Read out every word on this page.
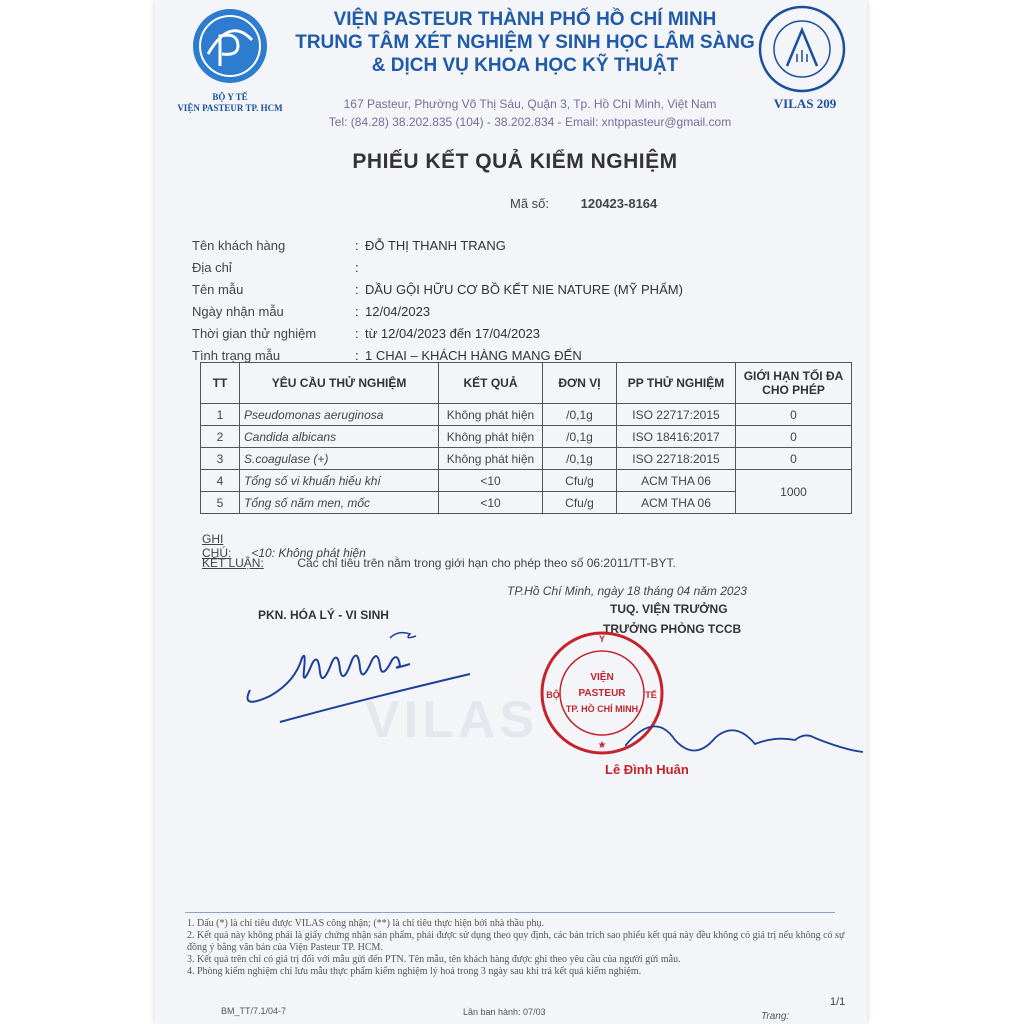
BỘ Y TẾ
VIỆN PASTEUR TP. HCM
VIỆN PASTEUR THÀNH PHỐ HỒ CHÍ MINH
TRUNG TÂM XÉT NGHIỆM Y SINH HỌC LÂM SÀNG
& DỊCH VỤ KHOA HỌC KỸ THUẬT
167 Pasteur, Phường Võ Thị Sáu, Quận 3, Tp. Hồ Chí Minh, Việt Nam
Tel: (84.28) 38.202.835 (104) - 38.202.834 - Email: xntppasteur@gmail.com
VILAS 209
PHIẾU KẾT QUẢ KIỂM NGHIỆM
Mã số: 120423-8164
Tên khách hàng	: ĐỖ THỊ THANH TRANG
Địa chỉ	:
Tên mẫu	: DẦU GỘI HỮU CƠ BỒ KẾT NIE NATURE (MỸ PHẨM)
Ngày nhận mẫu	: 12/04/2023
Thời gian thử nghiệm	: từ 12/04/2023 đến 17/04/2023
Tình trạng mẫu	: 1 CHAI – KHÁCH HÀNG MANG ĐẾN
TT	YÊU CẦU THỬ NGHIỆM	KẾT QUẢ	ĐƠN VỊ	PP THỬ NGHIỆM	GIỚI HẠN TỐI ĐA CHO PHÉP
1	Pseudomonas aeruginosa	Không phát hiện	/0,1g	ISO 22717:2015	0
2	Candida albicans	Không phát hiện	/0,1g	ISO 18416:2017	0
3	S.coagulase (+)	Không phát hiện	/0,1g	ISO 22718:2015	0
4	Tổng số vi khuẩn hiếu khí	<10	Cfu/g	ACM THA 06	1000
5	Tổng số nấm men, mốc	<10	Cfu/g	ACM THA 06	
GHI CHÚ: <10: Không phát hiện
KẾT LUẬN:	Các chỉ tiêu trên nằm trong giới hạn cho phép theo số 06:2011/TT-BYT.
VILAS
TP.Hồ Chí Minh, ngày 18 tháng 04 năm 2023
PKN. HÓA LÝ - VI SINH	TUQ. VIỆN TRƯỞNG
TRƯỞNG PHÒNG TCCB
Y
BỘ	TẾ
VIỆN
PASTEUR
TP. HỒ CHÍ MINH
★
Lê Đình Huân
1. Dấu (*) là chỉ tiêu được VILAS công nhận; (**) là chỉ tiêu thực hiện bởi nhà thầu phụ.
2. Kết quả này không phải là giấy chứng nhận sản phẩm, phải được sử dụng theo quy định, các bản trích sao phiếu kết quả này đều không có giá trị nếu không có sự đồng ý bằng văn bản của Viện Pasteur TP. HCM.
3. Kết quả trên chỉ có giá trị đối với mẫu gửi đến PTN. Tên mẫu, tên khách hàng được ghi theo yêu cầu của người gửi mẫu.
4. Phòng kiểm nghiệm chỉ lưu mẫu thực phẩm kiểm nghiệm lý hoá trong 3 ngày sau khi trả kết quả kiểm nghiệm.
1/1
BM_TT/7.1/04-7	Lần ban hành: 07/03	Trang:
